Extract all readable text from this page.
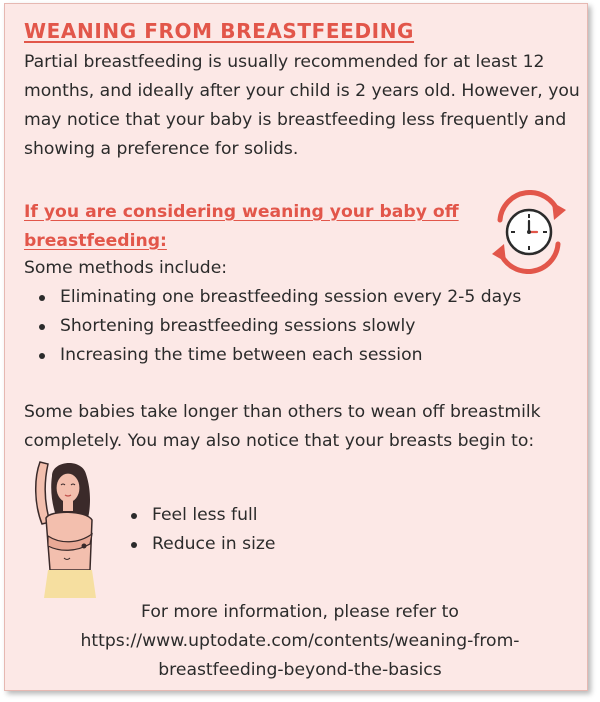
WEANING FROM BREASTFEEDING

Partial breastfeeding is usually recommended for at least 12 months, and ideally after your child is 2 years old. However, you may notice that your baby is breastfeeding less frequently and showing a preference for solids.

If you are considering weaning your baby off breastfeeding:

Some methods include:

Eliminating one breastfeeding session every 2-5 days
Shortening breastfeeding sessions slowly
Increasing the time between each session

Some babies take longer than others to wean off breastmilk completely. You may also notice that your breasts begin to:

Feel less full
Reduce in size

For more information, please refer to
https://www.uptodate.com/contents/weaning-from-
breastfeeding-beyond-the-basics
